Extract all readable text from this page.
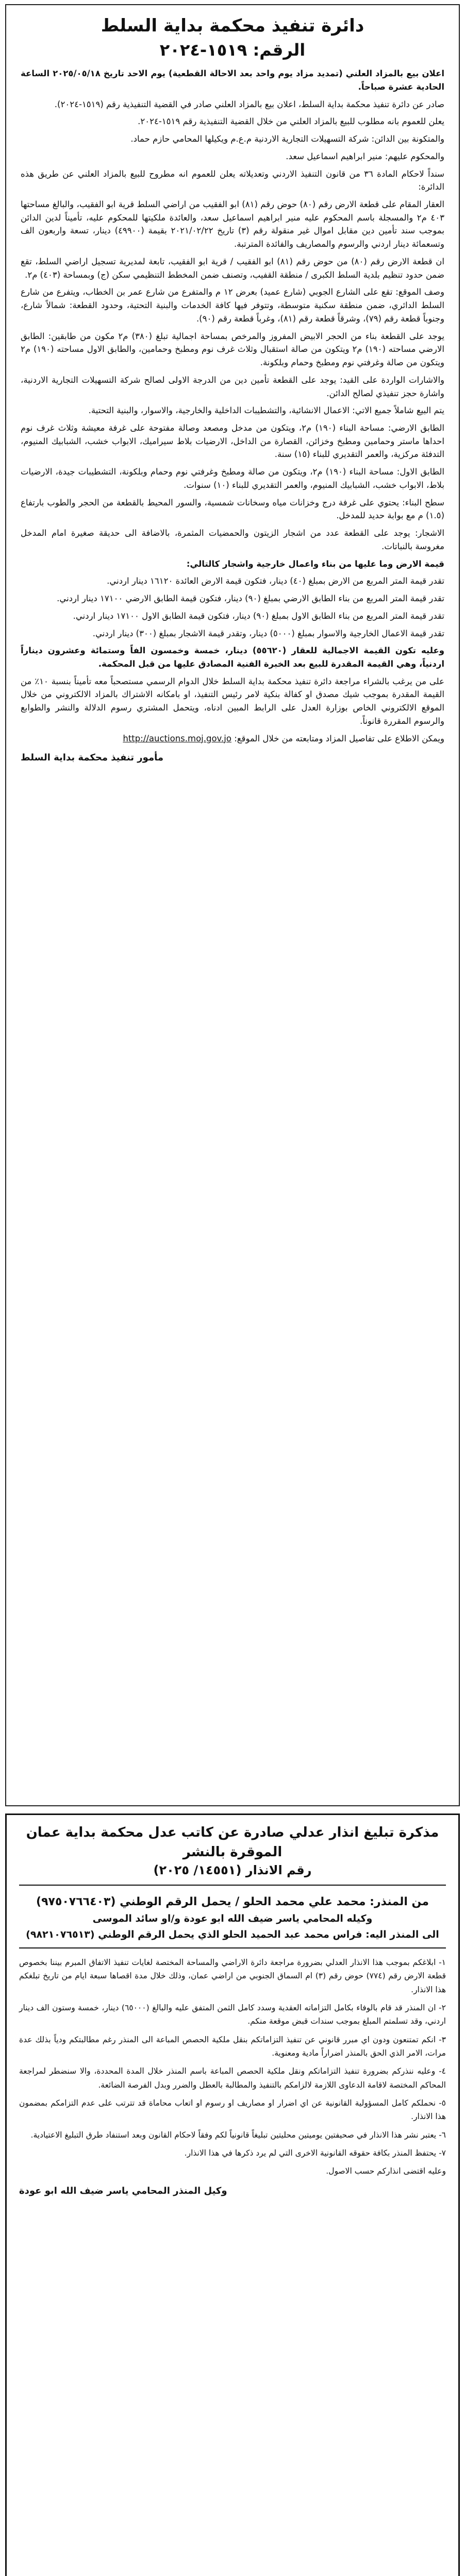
دائرة تنفيذ محكمة بداية السلط
الرقم: ١٥١٩-٢٠٢٤

اعلان بيع بالمزاد العلني (تمديد مزاد يوم واحد بعد الاحالة القطعية) يوم الاحد تاريخ ٢٠٢٥/٠٥/١٨ الساعة الحادية عشرة صباحاً.

صادر عن دائرة تنفيذ محكمة بداية السلط، اعلان بيع بالمزاد العلني صادر في القضية التنفيذية رقم (١٥١٩-٢٠٢٤).

يعلن للعموم بانه مطلوب للبيع بالمزاد العلني من خلال القضية التنفيذية رقم ١٥١٩-٢٠٢٤.

والمتكونة بين الدائن: شركة التسهيلات التجارية الاردنية م.ع.م ويكيلها المحامي حازم حماد.

والمحكوم عليهم: منير ابراهيم اسماعيل سعد.

سنداً لاحكام المادة ٣٦ من قانون التنفيذ الاردني وتعديلاته يعلن للعموم انه مطروح للبيع بالمزاد العلني عن طريق هذه الدائرة:

العقار المقام على قطعة الارض رقم (٨٠) حوض رقم (٨١) ابو الفقيب من اراضي السلط قرية ابو الفقيب، والبالغ مساحتها ٤٠٣ م٢ والمسجلة باسم المحكوم عليه منير ابراهيم اسماعيل سعد، والعائدة ملكيتها للمحكوم عليه، تأميناً لدين الدائن بموجب سند تأمين دين مقابل اموال غير منقولة رقم (٣) تاريخ ٢٠٢١/٠٢/٢٢ بقيمة (٤٩٩٠٠) دينار، تسعة واربعون الف وتسعمائة دينار اردني والرسوم والمصاريف والفائدة المترتبة.

ان قطعة الارض رقم (٨٠) من حوض رقم (٨١) ابو الفقيب / قرية ابو الفقيب، تابعة لمديرية تسجيل اراضي السلط، تقع ضمن حدود تنظيم بلدية السلط الكبرى / منطقة القفيب، وتصنف ضمن المخطط التنظيمي سكن (ج) وبمساحة (٤٠٣) م٢.

وصف الموقع: تقع على الشارع الجوبي (شارع عميد) بعرض ١٢ م والمتفرع من شارع عمر بن الخطاب، ويتفرع من شارع السلط الدائري، ضمن منطقة سكنية متوسطة، وتتوفر فيها كافة الخدمات والبنية التحتية، وحدود القطعة: شمالاً شارع، وجنوباً قطعة رقم (٧٩)، وشرقاً قطعة رقم (٨١)، وغرباً قطعة رقم (٩٠).

يوجد على القطعة بناء من الحجر الابيض المفروز والمرخص بمساحة اجمالية تبلغ (٣٨٠) م٢ مكون من طابقين: الطابق الارضي مساحته (١٩٠) م٢ ويتكون من صالة استقبال وثلاث غرف نوم ومطبخ وحمامين، والطابق الاول مساحته (١٩٠) م٢ ويتكون من صالة وغرفتي نوم ومطبخ وحمام وبلكونة.

والاشارات الواردة على القيد: يوجد على القطعة تأمين دين من الدرجة الاولى لصالح شركة التسهيلات التجارية الاردنية، واشارة حجز تنفيذي لصالح الدائن.

يتم البيع شاملاً جميع الاتي: الاعمال الانشائية، والتشطيبات الداخلية والخارجية، والاسوار، والبنية التحتية.

الطابق الارضي: مساحة البناء (١٩٠) م٢، ويتكون من مدخل ومصعد وصالة مفتوحة على غرفة معيشة وثلاث غرف نوم احداها ماستر وحمامين ومطبخ وخزائن، القصارة من الداخل، الارضيات بلاط سيراميك، الابواب خشب، الشبابيك المنيوم، التدفئة مركزية، والعمر التقديري للبناء (١٥) سنة.

الطابق الاول: مساحة البناء (١٩٠) م٢، ويتكون من صالة ومطبخ وغرفتي نوم وحمام وبلكونة، التشطيبات جيدة، الارضيات بلاط، الابواب خشب، الشبابيك المنيوم، والعمر التقديري للبناء (١٠) سنوات.

سطح البناء: يحتوي على غرفة درج وخزانات مياه وسخانات شمسية، والسور المحيط بالقطعة من الحجر والطوب بارتفاع (١.٥) م مع بوابة حديد للمدخل.

الاشجار: يوجد على القطعة عدد من اشجار الزيتون والحمضيات المثمرة، بالاضافة الى حديقة صغيرة امام المدخل مغروسة بالنباتات.

قيمة الارض وما عليها من بناء واعمال خارجية واشجار كالتالي:

تقدر قيمة المتر المربع من الارض بمبلغ (٤٠) دينار، فتكون قيمة الارض العائدة ١٦١٢٠ دينار اردني.

تقدر قيمة المتر المربع من بناء الطابق الارضي بمبلغ (٩٠) دينار، فتكون قيمة الطابق الارضي ١٧١٠٠ دينار اردني.

تقدر قيمة المتر المربع من بناء الطابق الاول بمبلغ (٩٠) دينار، فتكون قيمة الطابق الاول ١٧١٠٠ دينار اردني.

تقدر قيمة الاعمال الخارجية والاسوار بمبلغ (٥٠٠٠) دينار، وتقدر قيمة الاشجار بمبلغ (٣٠٠) دينار اردني.

وعليه تكون القيمة الاجمالية للعقار (٥٥٦٢٠) دينار، خمسة وخمسون الفاً وستمائة وعشرون ديناراً اردنياً، وهي القيمة المقدرة للبيع بعد الخبرة الفنية المصادق عليها من قبل المحكمة.

على من يرغب بالشراء مراجعة دائرة تنفيذ محكمة بداية السلط خلال الدوام الرسمي مستصحباً معه تأميناً بنسبة ١٠٪ من القيمة المقدرة بموجب شيك مصدق او كفالة بنكية لامر رئيس التنفيذ، او بامكانه الاشتراك بالمزاد الالكتروني من خلال الموقع الالكتروني الخاص بوزارة العدل على الرابط المبين ادناه، ويتحمل المشتري رسوم الدلالة والنشر والطوابع والرسوم المقررة قانوناً.

ويمكن الاطلاع على تفاصيل المزاد ومتابعته من خلال الموقع: http://auctions.moj.gov.jo

مأمور تنفيذ محكمة بداية السلط
مذكرة تبليغ انذار عدلي صادرة عن كاتب عدل محكمة بداية عمان الموقرة بالنشر
رقم الانذار (١٤٥٥١/ ٢٠٢٥)

من المنذر: محمد علي محمد الحلو / يحمل الرقم الوطني (٩٧٥٠٧٦٦٤٠٣)

وكيله المحامي ياسر ضيف الله ابو عودة و/او سائد الموسى

الى المنذر اليه: فراس محمد عبد الحميد الحلو الذي يحمل الرقم الوطني (٩٨٢١٠٧٦٥١٣)

١- ابلاغكم بموجب هذا الانذار العدلي بضرورة مراجعة دائرة الاراضي والمساحة المختصة لغايات تنفيذ الاتفاق المبرم بيننا بخصوص قطعة الارض رقم (٧٧٤) حوض رقم (٣) ام السماق الجنوبي من اراضي عمان، وذلك خلال مدة اقصاها سبعة ايام من تاريخ تبلغكم هذا الانذار.
٢- ان المنذر قد قام بالوفاء بكامل التزاماته العقدية وسدد كامل الثمن المتفق عليه والبالغ (٦٥٠٠٠) دينار، خمسة وستون الف دينار اردني، وقد تسلمتم المبلغ بموجب سندات قبض موقعة منكم.
٣- انكم تمتنعون ودون اي مبرر قانوني عن تنفيذ التزاماتكم بنقل ملكية الحصص المباعة الى المنذر رغم مطالبتكم ودياً بذلك عدة مرات، الامر الذي الحق بالمنذر اضراراً مادية ومعنوية.
٤- وعليه ننذركم بضرورة تنفيذ التزاماتكم ونقل ملكية الحصص المباعة باسم المنذر خلال المدة المحددة، والا سنضطر لمراجعة المحاكم المختصة لاقامة الدعاوى اللازمة لالزامكم بالتنفيذ والمطالبة بالعطل والضرر وبدل الفرصة الضائعة.
٥- نحملكم كامل المسؤولية القانونية عن اي اضرار او مصاريف او رسوم او اتعاب محاماة قد تترتب على عدم التزامكم بمضمون هذا الانذار.
٦- يعتبر نشر هذا الانذار في صحيفتين يوميتين محليتين تبليغاً قانونياً لكم وفقاً لاحكام القانون وبعد استنفاد طرق التبليغ الاعتيادية.
٧- يحتفظ المنذر بكافة حقوقه القانونية الاخرى التي لم يرد ذكرها في هذا الانذار.
وعليه اقتضى انذاركم حسب الاصول.
وكيل المنذر المحامي ياسر ضيف الله ابو عودة
